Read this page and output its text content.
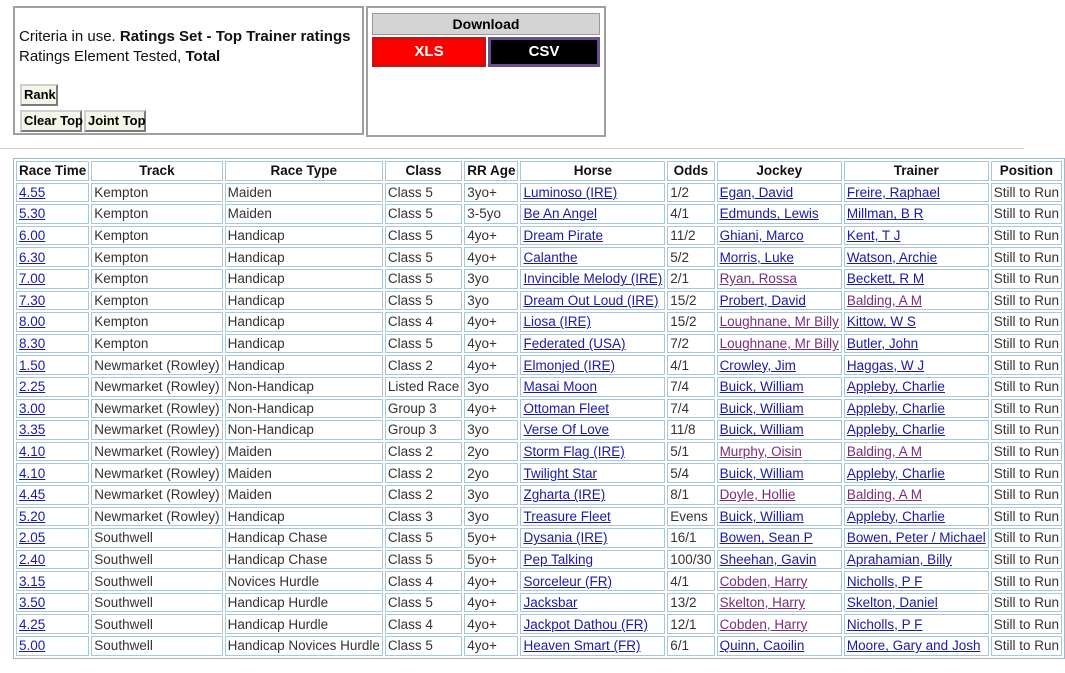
Criteria in use. Ratings Set - Top Trainer ratings
Ratings Element Tested, Total
Rank
Clear Top Joint Top
Download
XLS	CSV
Race Time	Track	Race Type	Class	RR Age	Horse	Odds	Jockey	Trainer	Position
4.55	Kempton	Maiden	Class 5	3yo+	Luminoso (IRE)	1/2	Egan, David	Freire, Raphael	Still to Run
5.30	Kempton	Maiden	Class 5	3-5yo	Be An Angel	4/1	Edmunds, Lewis	Millman, B R	Still to Run
6.00	Kempton	Handicap	Class 5	4yo+	Dream Pirate	11/2	Ghiani, Marco	Kent, T J	Still to Run
6.30	Kempton	Handicap	Class 5	4yo+	Calanthe	5/2	Morris, Luke	Watson, Archie	Still to Run
7.00	Kempton	Handicap	Class 5	3yo	Invincible Melody (IRE)	2/1	Ryan, Rossa	Beckett, R M	Still to Run
7.30	Kempton	Handicap	Class 5	3yo	Dream Out Loud (IRE)	15/2	Probert, David	Balding, A M	Still to Run
8.00	Kempton	Handicap	Class 4	4yo+	Liosa (IRE)	15/2	Loughnane, Mr Billy	Kittow, W S	Still to Run
8.30	Kempton	Handicap	Class 5	4yo+	Federated (USA)	7/2	Loughnane, Mr Billy	Butler, John	Still to Run
1.50	Newmarket (Rowley)	Handicap	Class 2	4yo+	Elmonjed (IRE)	4/1	Crowley, Jim	Haggas, W J	Still to Run
2.25	Newmarket (Rowley)	Non-Handicap	Listed Race	3yo	Masai Moon	7/4	Buick, William	Appleby, Charlie	Still to Run
3.00	Newmarket (Rowley)	Non-Handicap	Group 3	4yo+	Ottoman Fleet	7/4	Buick, William	Appleby, Charlie	Still to Run
3.35	Newmarket (Rowley)	Non-Handicap	Group 3	3yo	Verse Of Love	11/8	Buick, William	Appleby, Charlie	Still to Run
4.10	Newmarket (Rowley)	Maiden	Class 2	2yo	Storm Flag (IRE)	5/1	Murphy, Oisin	Balding, A M	Still to Run
4.10	Newmarket (Rowley)	Maiden	Class 2	2yo	Twilight Star	5/4	Buick, William	Appleby, Charlie	Still to Run
4.45	Newmarket (Rowley)	Maiden	Class 2	3yo	Zgharta (IRE)	8/1	Doyle, Hollie	Balding, A M	Still to Run
5.20	Newmarket (Rowley)	Handicap	Class 3	3yo	Treasure Fleet	Evens	Buick, William	Appleby, Charlie	Still to Run
2.05	Southwell	Handicap Chase	Class 5	5yo+	Dysania (IRE)	16/1	Bowen, Sean P	Bowen, Peter / Michael	Still to Run
2.40	Southwell	Handicap Chase	Class 5	5yo+	Pep Talking	100/30	Sheehan, Gavin	Aprahamian, Billy	Still to Run
3.15	Southwell	Novices Hurdle	Class 4	4yo+	Sorceleur (FR)	4/1	Cobden, Harry	Nicholls, P F	Still to Run
3.50	Southwell	Handicap Hurdle	Class 5	4yo+	Jacksbar	13/2	Skelton, Harry	Skelton, Daniel	Still to Run
4.25	Southwell	Handicap Hurdle	Class 4	4yo+	Jackpot Dathou (FR)	12/1	Cobden, Harry	Nicholls, P F	Still to Run
5.00	Southwell	Handicap Novices Hurdle	Class 5	4yo+	Heaven Smart (FR)	6/1	Quinn, Caoilin	Moore, Gary and Josh	Still to Run
